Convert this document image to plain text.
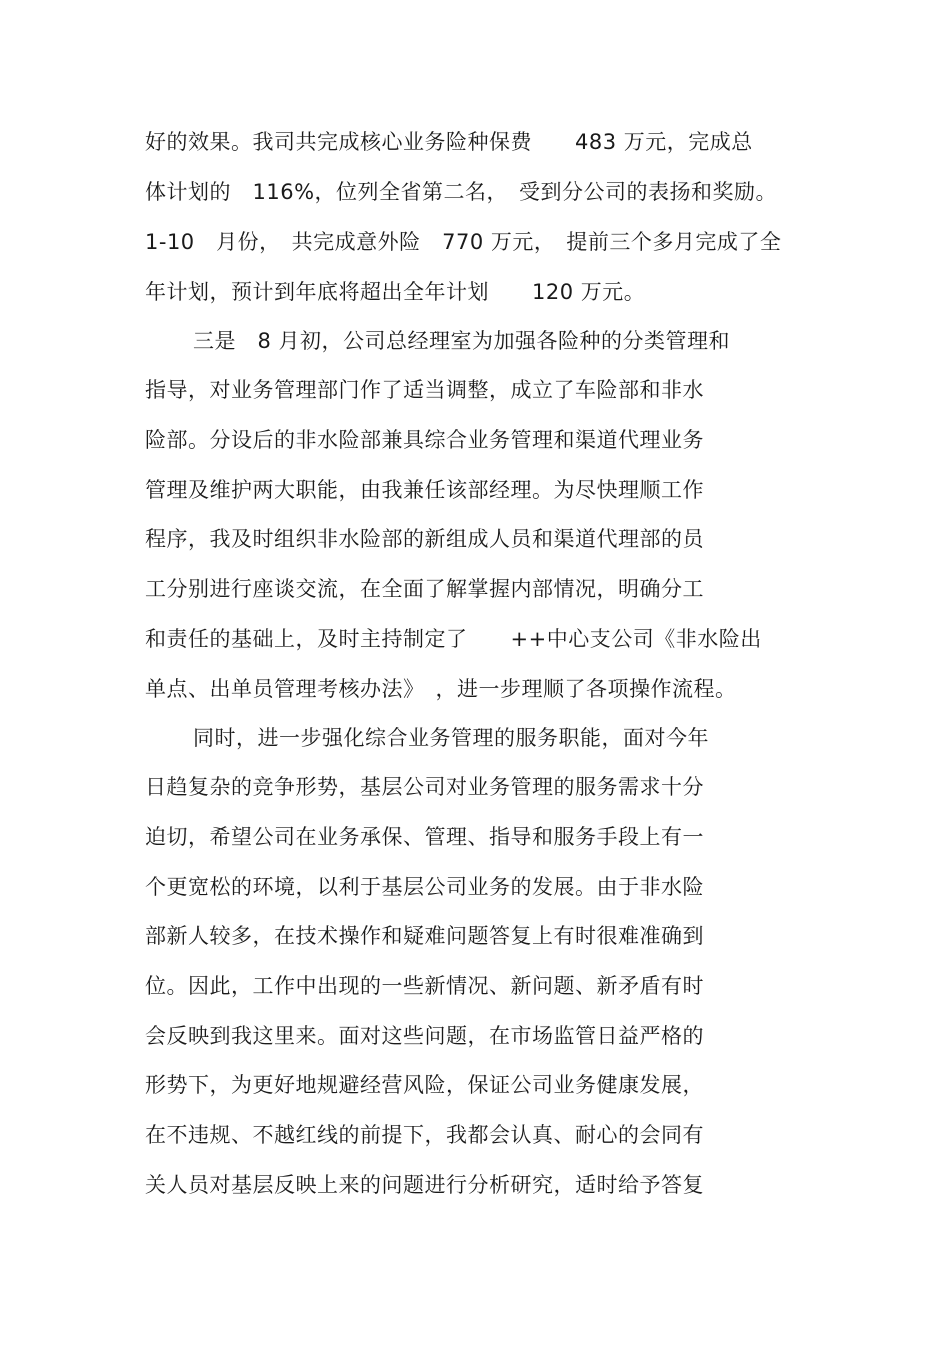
好的效果。我司共完成核心业务险种保费　　483 万元，完成总
体计划的　116%，位列全省第二名，　受到分公司的表扬和奖励。
1-10　月份，　共完成意外险　770 万元，　提前三个多月完成了全
年计划，预计到年底将超出全年计划　　120 万元。
三是　8 月初，公司总经理室为加强各险种的分类管理和
指导，对业务管理部门作了适当调整，成立了车险部和非水
险部。分设后的非水险部兼具综合业务管理和渠道代理业务
管理及维护两大职能，由我兼任该部经理。为尽快理顺工作
程序，我及时组织非水险部的新组成人员和渠道代理部的员
工分别进行座谈交流，在全面了解掌握内部情况，明确分工
和责任的基础上，及时主持制定了　　++中心支公司《非水险出
单点、出单员管理考核办法》　，进一步理顺了各项操作流程。
同时，进一步强化综合业务管理的服务职能，面对今年
日趋复杂的竞争形势，基层公司对业务管理的服务需求十分
迫切，希望公司在业务承保、管理、指导和服务手段上有一
个更宽松的环境，以利于基层公司业务的发展。由于非水险
部新人较多，在技术操作和疑难问题答复上有时很难准确到
位。因此，工作中出现的一些新情况、新问题、新矛盾有时
会反映到我这里来。面对这些问题，在市场监管日益严格的
形势下，为更好地规避经营风险，保证公司业务健康发展，
在不违规、不越红线的前提下，我都会认真、耐心的会同有
关人员对基层反映上来的问题进行分析研究，适时给予答复
